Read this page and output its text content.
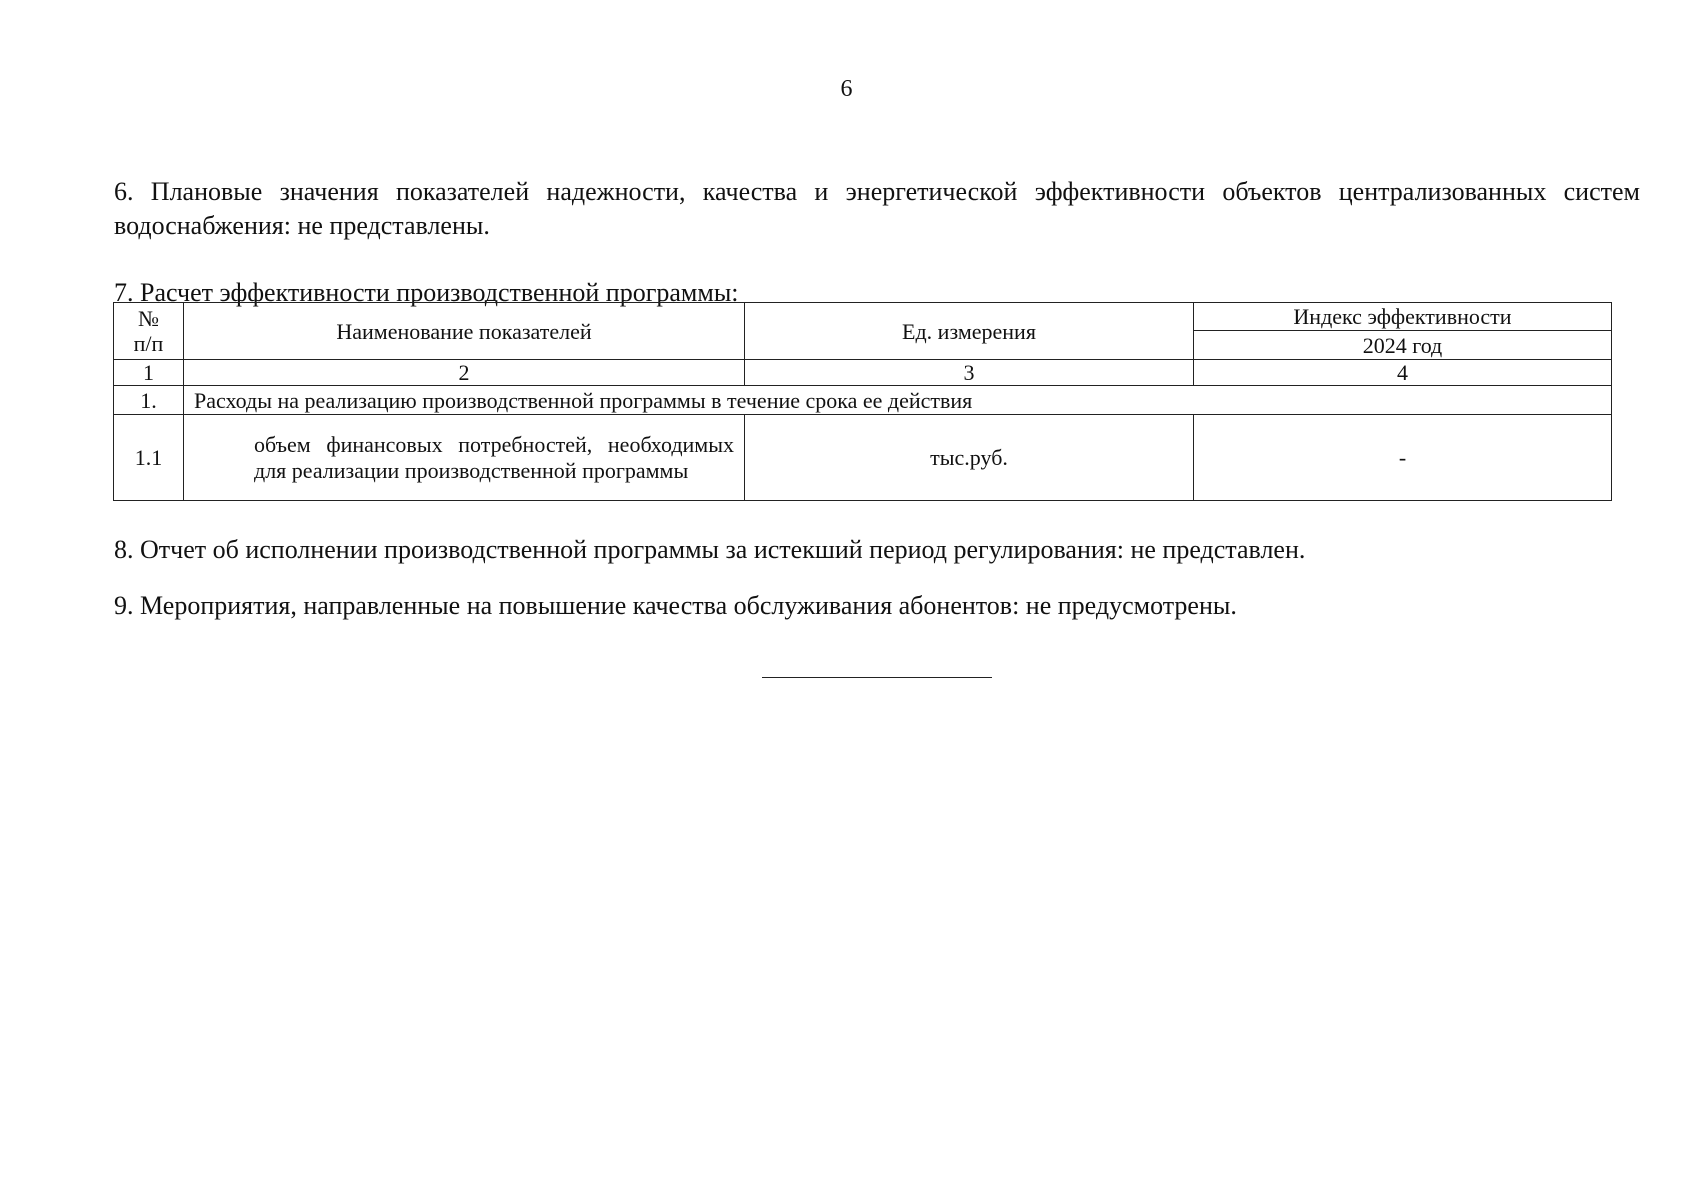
6
6. Плановые значения показателей надежности, качества и энергетической эффективности объектов централизованных систем водоснабжения: не представлены.
7. Расчет эффективности производственной программы:
№ п/п	Наименование показателей	Ед. измерения	Индекс эффективности
			2024 год
1	2	3	4
1.	Расходы на реализацию производственной программы в течение срока ее действия		
1.1	объем финансовых потребностей, необходимых для реализации производственной программы	тыс.руб.	-
8. Отчет об исполнении производственной программы за истекший период регулирования: не представлен.
9. Мероприятия, направленные на повышение качества обслуживания абонентов: не предусмотрены.
